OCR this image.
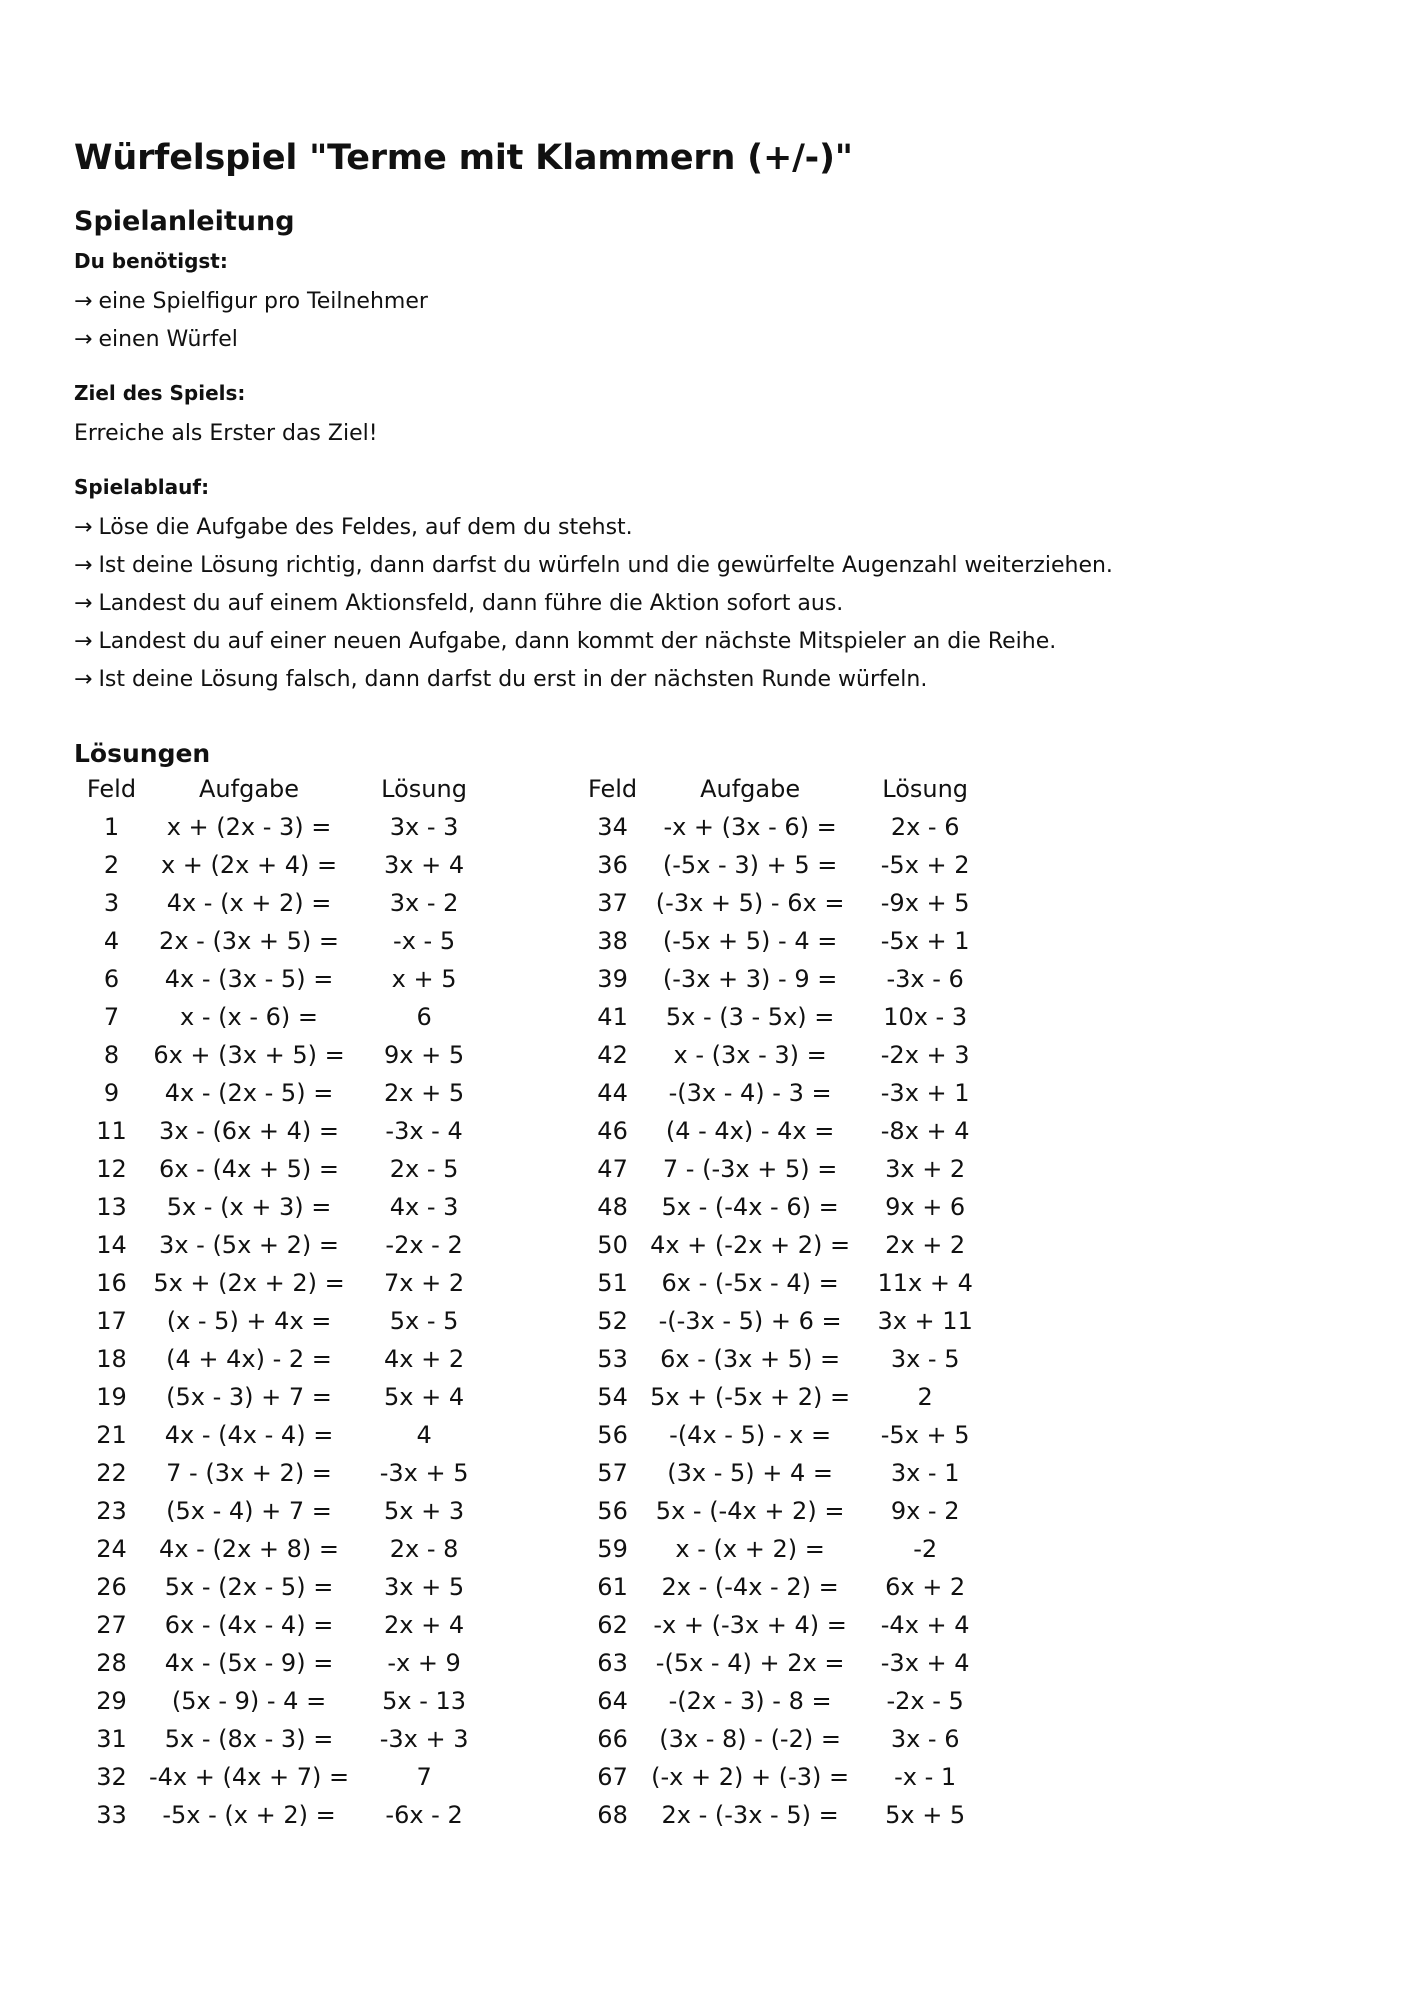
Würfelspiel "Terme mit Klammern (+/-)"
Spielanleitung

Du benötigst:

→ eine Spielfigur pro Teilnehmer

→ einen Würfel

Ziel des Spiels:

Erreiche als Erster das Ziel!

Spielablauf:

→ Löse die Aufgabe des Feldes, auf dem du stehst.

→ Ist deine Lösung richtig, dann darfst du würfeln und die gewürfelte Augenzahl weiterziehen.

→ Landest du auf einem Aktionsfeld, dann führe die Aktion sofort aus.

→ Landest du auf einer neuen Aufgabe, dann kommt der nächste Mitspieler an die Reihe.

→ Ist deine Lösung falsch, dann darfst du erst in der nächsten Runde würfeln.

Lösungen
Feld	Aufgabe	Lösung
1	x + (2x - 3) =	3x - 3
2	x + (2x + 4) =	3x + 4
3	4x - (x + 2) =	3x - 2
4	2x - (3x + 5) =	-x - 5
6	4x - (3x - 5) =	x + 5
7	x - (x - 6) =	6
8	6x + (3x + 5) =	9x + 5
9	4x - (2x - 5) =	2x + 5
11	3x - (6x + 4) =	-3x - 4
12	6x - (4x + 5) =	2x - 5
13	5x - (x + 3) =	4x - 3
14	3x - (5x + 2) =	-2x - 2
16	5x + (2x + 2) =	7x + 2
17	(x - 5) + 4x =	5x - 5
18	(4 + 4x) - 2 =	4x + 2
19	(5x - 3) + 7 =	5x + 4
21	4x - (4x - 4) =	4
22	7 - (3x + 2) =	-3x + 5
23	(5x - 4) + 7 =	5x + 3
24	4x - (2x + 8) =	2x - 8
26	5x - (2x - 5) =	3x + 5
27	6x - (4x - 4) =	2x + 4
28	4x - (5x - 9) =	-x + 9
29	(5x - 9) - 4 =	5x - 13
31	5x - (8x - 3) =	-3x + 3
32	-4x + (4x + 7) =	7
33	-5x - (x + 2) =	-6x - 2
Feld	Aufgabe	Lösung
34	-x + (3x - 6) =	2x - 6
36	(-5x - 3) + 5 =	-5x + 2
37	(-3x + 5) - 6x =	-9x + 5
38	(-5x + 5) - 4 =	-5x + 1
39	(-3x + 3) - 9 =	-3x - 6
41	5x - (3 - 5x) =	10x - 3
42	x - (3x - 3) =	-2x + 3
44	-(3x - 4) - 3 =	-3x + 1
46	(4 - 4x) - 4x =	-8x + 4
47	7 - (-3x + 5) =	3x + 2
48	5x - (-4x - 6) =	9x + 6
50	4x + (-2x + 2) =	2x + 2
51	6x - (-5x - 4) =	11x + 4
52	-(-3x - 5) + 6 =	3x + 11
53	6x - (3x + 5) =	3x - 5
54	5x + (-5x + 2) =	2
56	-(4x - 5) - x =	-5x + 5
57	(3x - 5) + 4 =	3x - 1
56	5x - (-4x + 2) =	9x - 2
59	x - (x + 2) =	-2
61	2x - (-4x - 2) =	6x + 2
62	-x + (-3x + 4) =	-4x + 4
63	-(5x - 4) + 2x =	-3x + 4
64	-(2x - 3) - 8 =	-2x - 5
66	(3x - 8) - (-2) =	3x - 6
67	(-x + 2) + (-3) =	-x - 1
68	2x - (-3x - 5) =	5x + 5
